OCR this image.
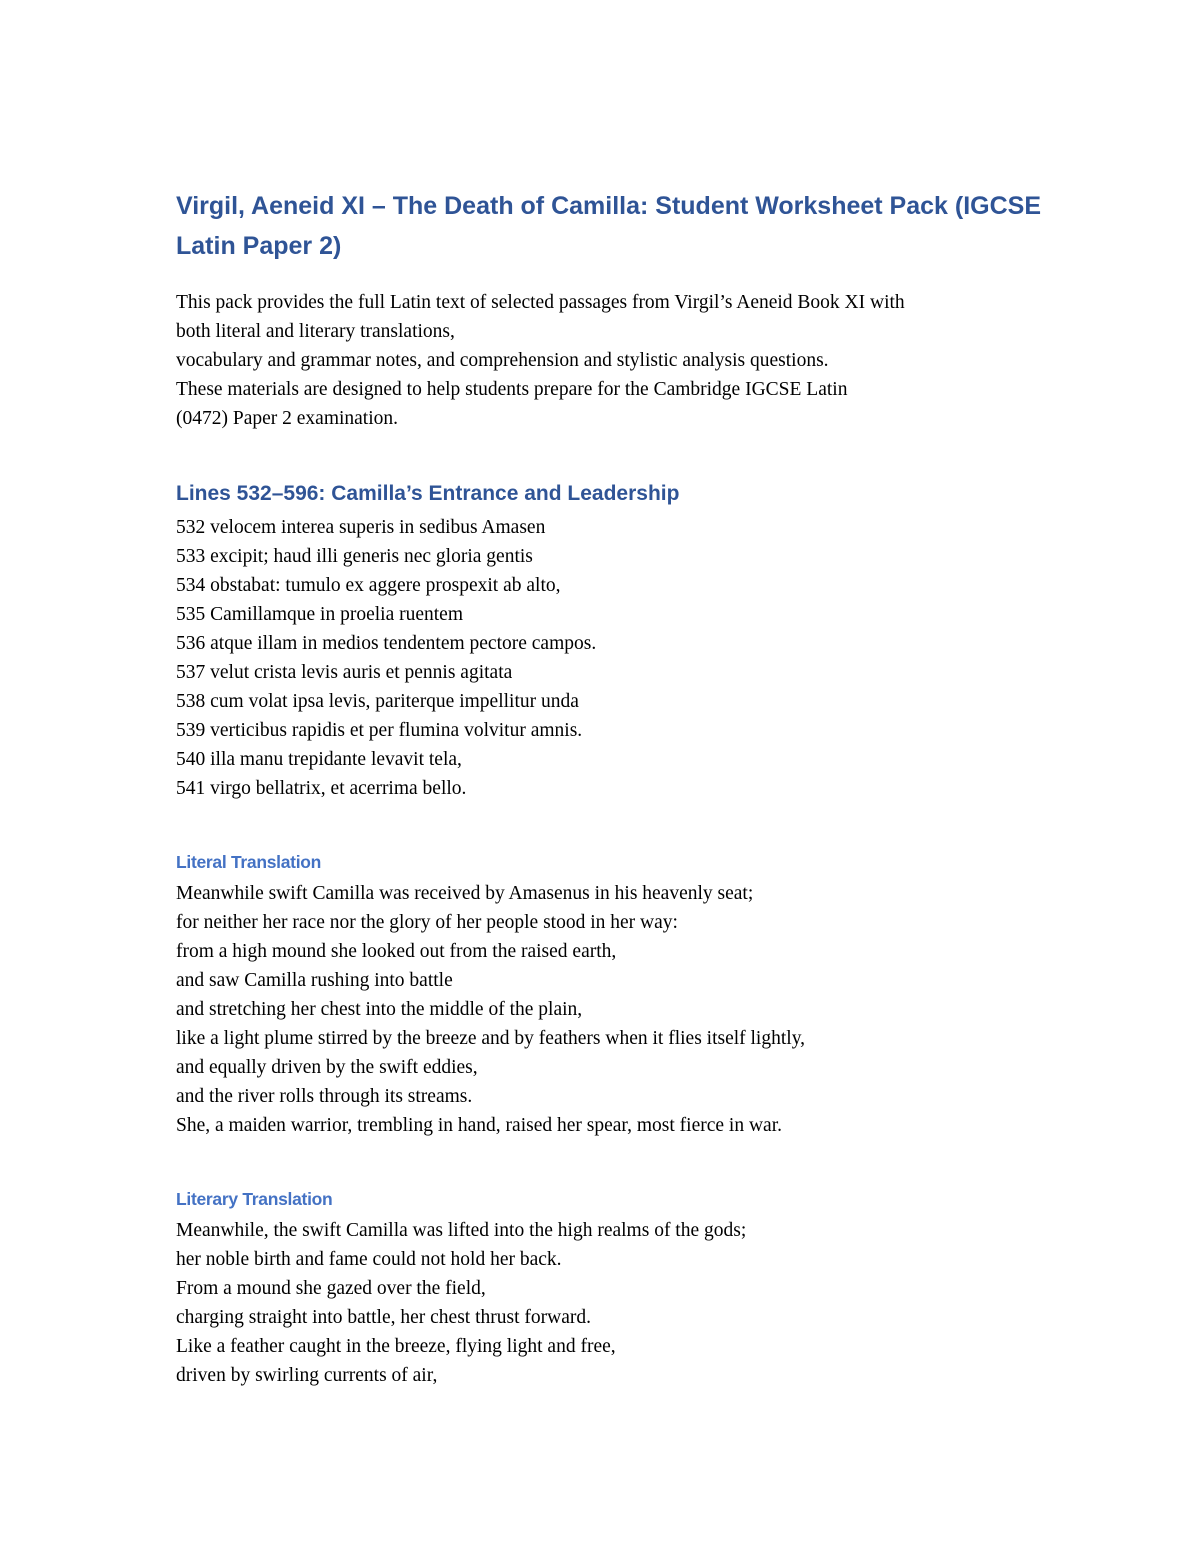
Virgil, Aeneid XI – The Death of Camilla: Student Worksheet Pack (IGCSE Latin Paper 2)
This pack provides the full Latin text of selected passages from Virgil’s Aeneid Book XI with
both literal and literary translations,
vocabulary and grammar notes, and comprehension and stylistic analysis questions.
These materials are designed to help students prepare for the Cambridge IGCSE Latin
(0472) Paper 2 examination.
Lines 532–596: Camilla’s Entrance and Leadership
532 velocem interea superis in sedibus Amasen
533 excipit; haud illi generis nec gloria gentis
534 obstabat: tumulo ex aggere prospexit ab alto,
535 Camillamque in proelia ruentem
536 atque illam in medios tendentem pectore campos.
537 velut crista levis auris et pennis agitata
538 cum volat ipsa levis, pariterque impellitur unda
539 verticibus rapidis et per flumina volvitur amnis.
540 illa manu trepidante levavit tela,
541 virgo bellatrix, et acerrima bello.
Literal Translation
Meanwhile swift Camilla was received by Amasenus in his heavenly seat;
for neither her race nor the glory of her people stood in her way:
from a high mound she looked out from the raised earth,
and saw Camilla rushing into battle
and stretching her chest into the middle of the plain,
like a light plume stirred by the breeze and by feathers when it flies itself lightly,
and equally driven by the swift eddies,
and the river rolls through its streams.
She, a maiden warrior, trembling in hand, raised her spear, most fierce in war.
Literary Translation
Meanwhile, the swift Camilla was lifted into the high realms of the gods;
her noble birth and fame could not hold her back.
From a mound she gazed over the field,
charging straight into battle, her chest thrust forward.
Like a feather caught in the breeze, flying light and free,
driven by swirling currents of air,
